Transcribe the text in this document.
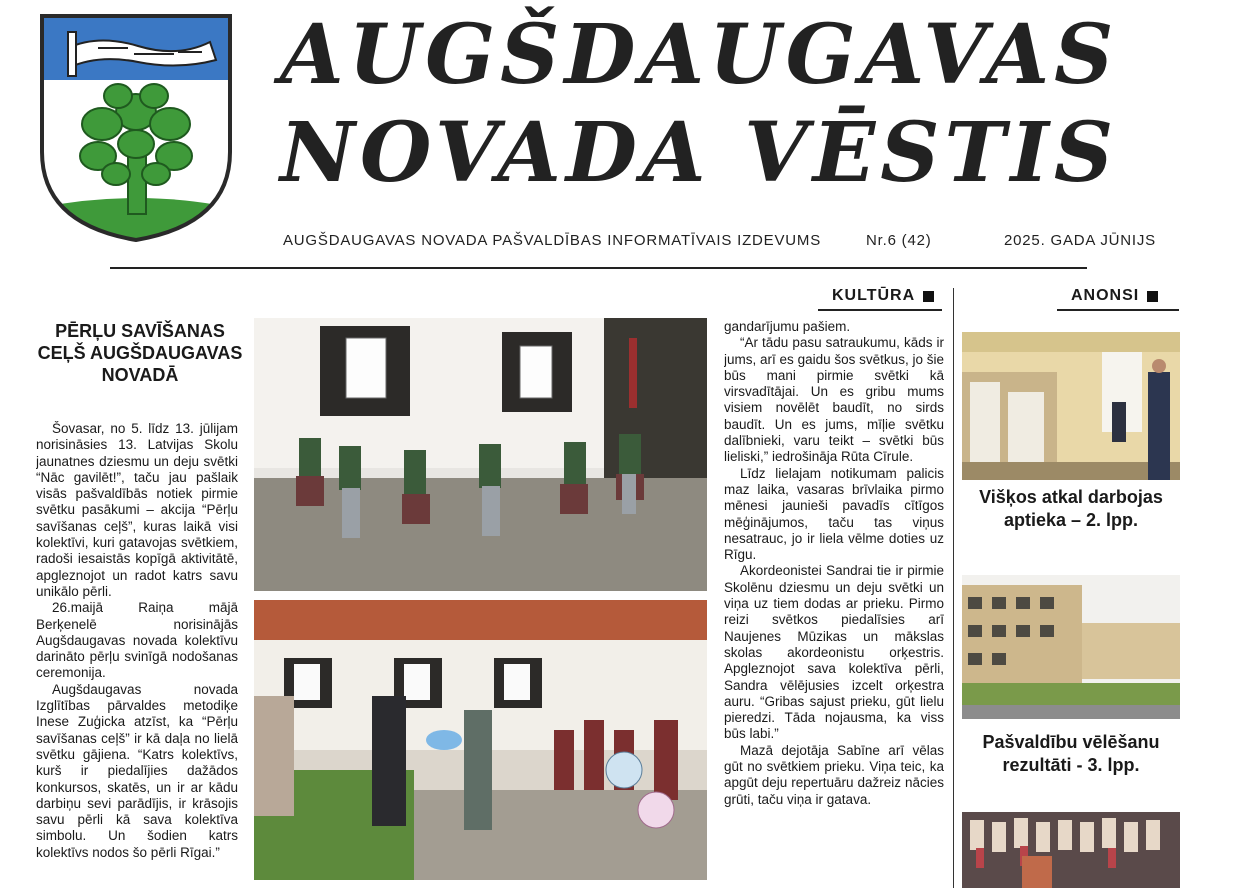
AUGŠDAUGAVAS
NOVADA VĒSTIS
AUGŠDAUGAVAS NOVADA PAŠVALDĪBAS INFORMATĪVAIS IZDEVUMS	Nr.6 (42)	2025. GADA JŪNIJS
KULTŪRA	ANONSI
PĒRĻU SAVĪŠANAS CEĻŠ AUGŠDAUGAVAS NOVADĀ

Šovasar, no 5. līdz 13. jūlijam norisināsies 13. Latvijas Skolu jaunatnes dziesmu un deju svētki “Nāc gavilēt!”, taču jau pašlaik visās pašvaldībās notiek pirmie svētku pasākumi – akcija “Pērļu savīšanas ceļš”, kuras laikā visi kolektīvi, kuri gatavojas svētkiem, radoši iesaistās kopīgā aktivitātē, apgleznojot un radot katrs savu unikālo pērli.

26.maijā Raiņa mājā Berķenelē norisinājās Augšdaugavas novada kolektīvu darināto pērļu svinīgā nodošanas ceremonija.

Augšdaugavas novada Izglītības pārvaldes metodiķe Inese Zuģicka atzīst, ka “Pērļu savīšanas ceļš” ir kā daļa no lielā svētku gājiena. “Katrs kolektīvs, kurš ir piedalījies dažādos konkursos, skatēs, un ir ar kādu darbiņu sevi parādījis, ir krāsojis savu pērli kā sava kolektīva simbolu. Un šodien katrs kolektīvs nodos šo pērli Rīgai.”

gandarījumu pašiem.

“Ar tādu pasu satraukumu, kāds ir jums, arī es gaidu šos svētkus, jo šie būs mani pirmie svētki kā virsvadītājai. Un es gribu mums visiem novēlēt baudīt, no sirds baudīt. Un es jums, mīļie svētku dalībnieki, varu teikt – svētki būs lieliski,” iedrošināja Rūta Cīrule.

Līdz lielajam notikumam palicis maz laika, vasaras brīvlaika pirmo mēnesi jaunieši pavadīs cītīgos mēģinājumos, taču tas viņus nesatrauc, jo ir liela vēlme doties uz Rīgu.

Akordeonistei Sandrai tie ir pirmie Skolēnu dziesmu un deju svētki un viņa uz tiem dodas ar prieku. Pirmo reizi svētkos piedalīsies arī Naujenes Mūzikas un mākslas skolas akordeonistu orķestris. Apgleznojot sava kolektīva pērli, Sandra vēlējusies izcelt orķestra auru. “Gribas sajust prieku, gūt lielu pieredzi. Tāda nojausma, ka viss būs labi.”

Mazā dejotāja Sabīne arī vēlas gūt no svētkiem prieku. Viņa teic, ka apgūt deju repertuāru dažreiz nācies grūti, taču viņa ir gatava.

Višķos atkal darbojas aptieka – 2. lpp.
Pašvaldību vēlēšanu rezultāti - 3. lpp.
